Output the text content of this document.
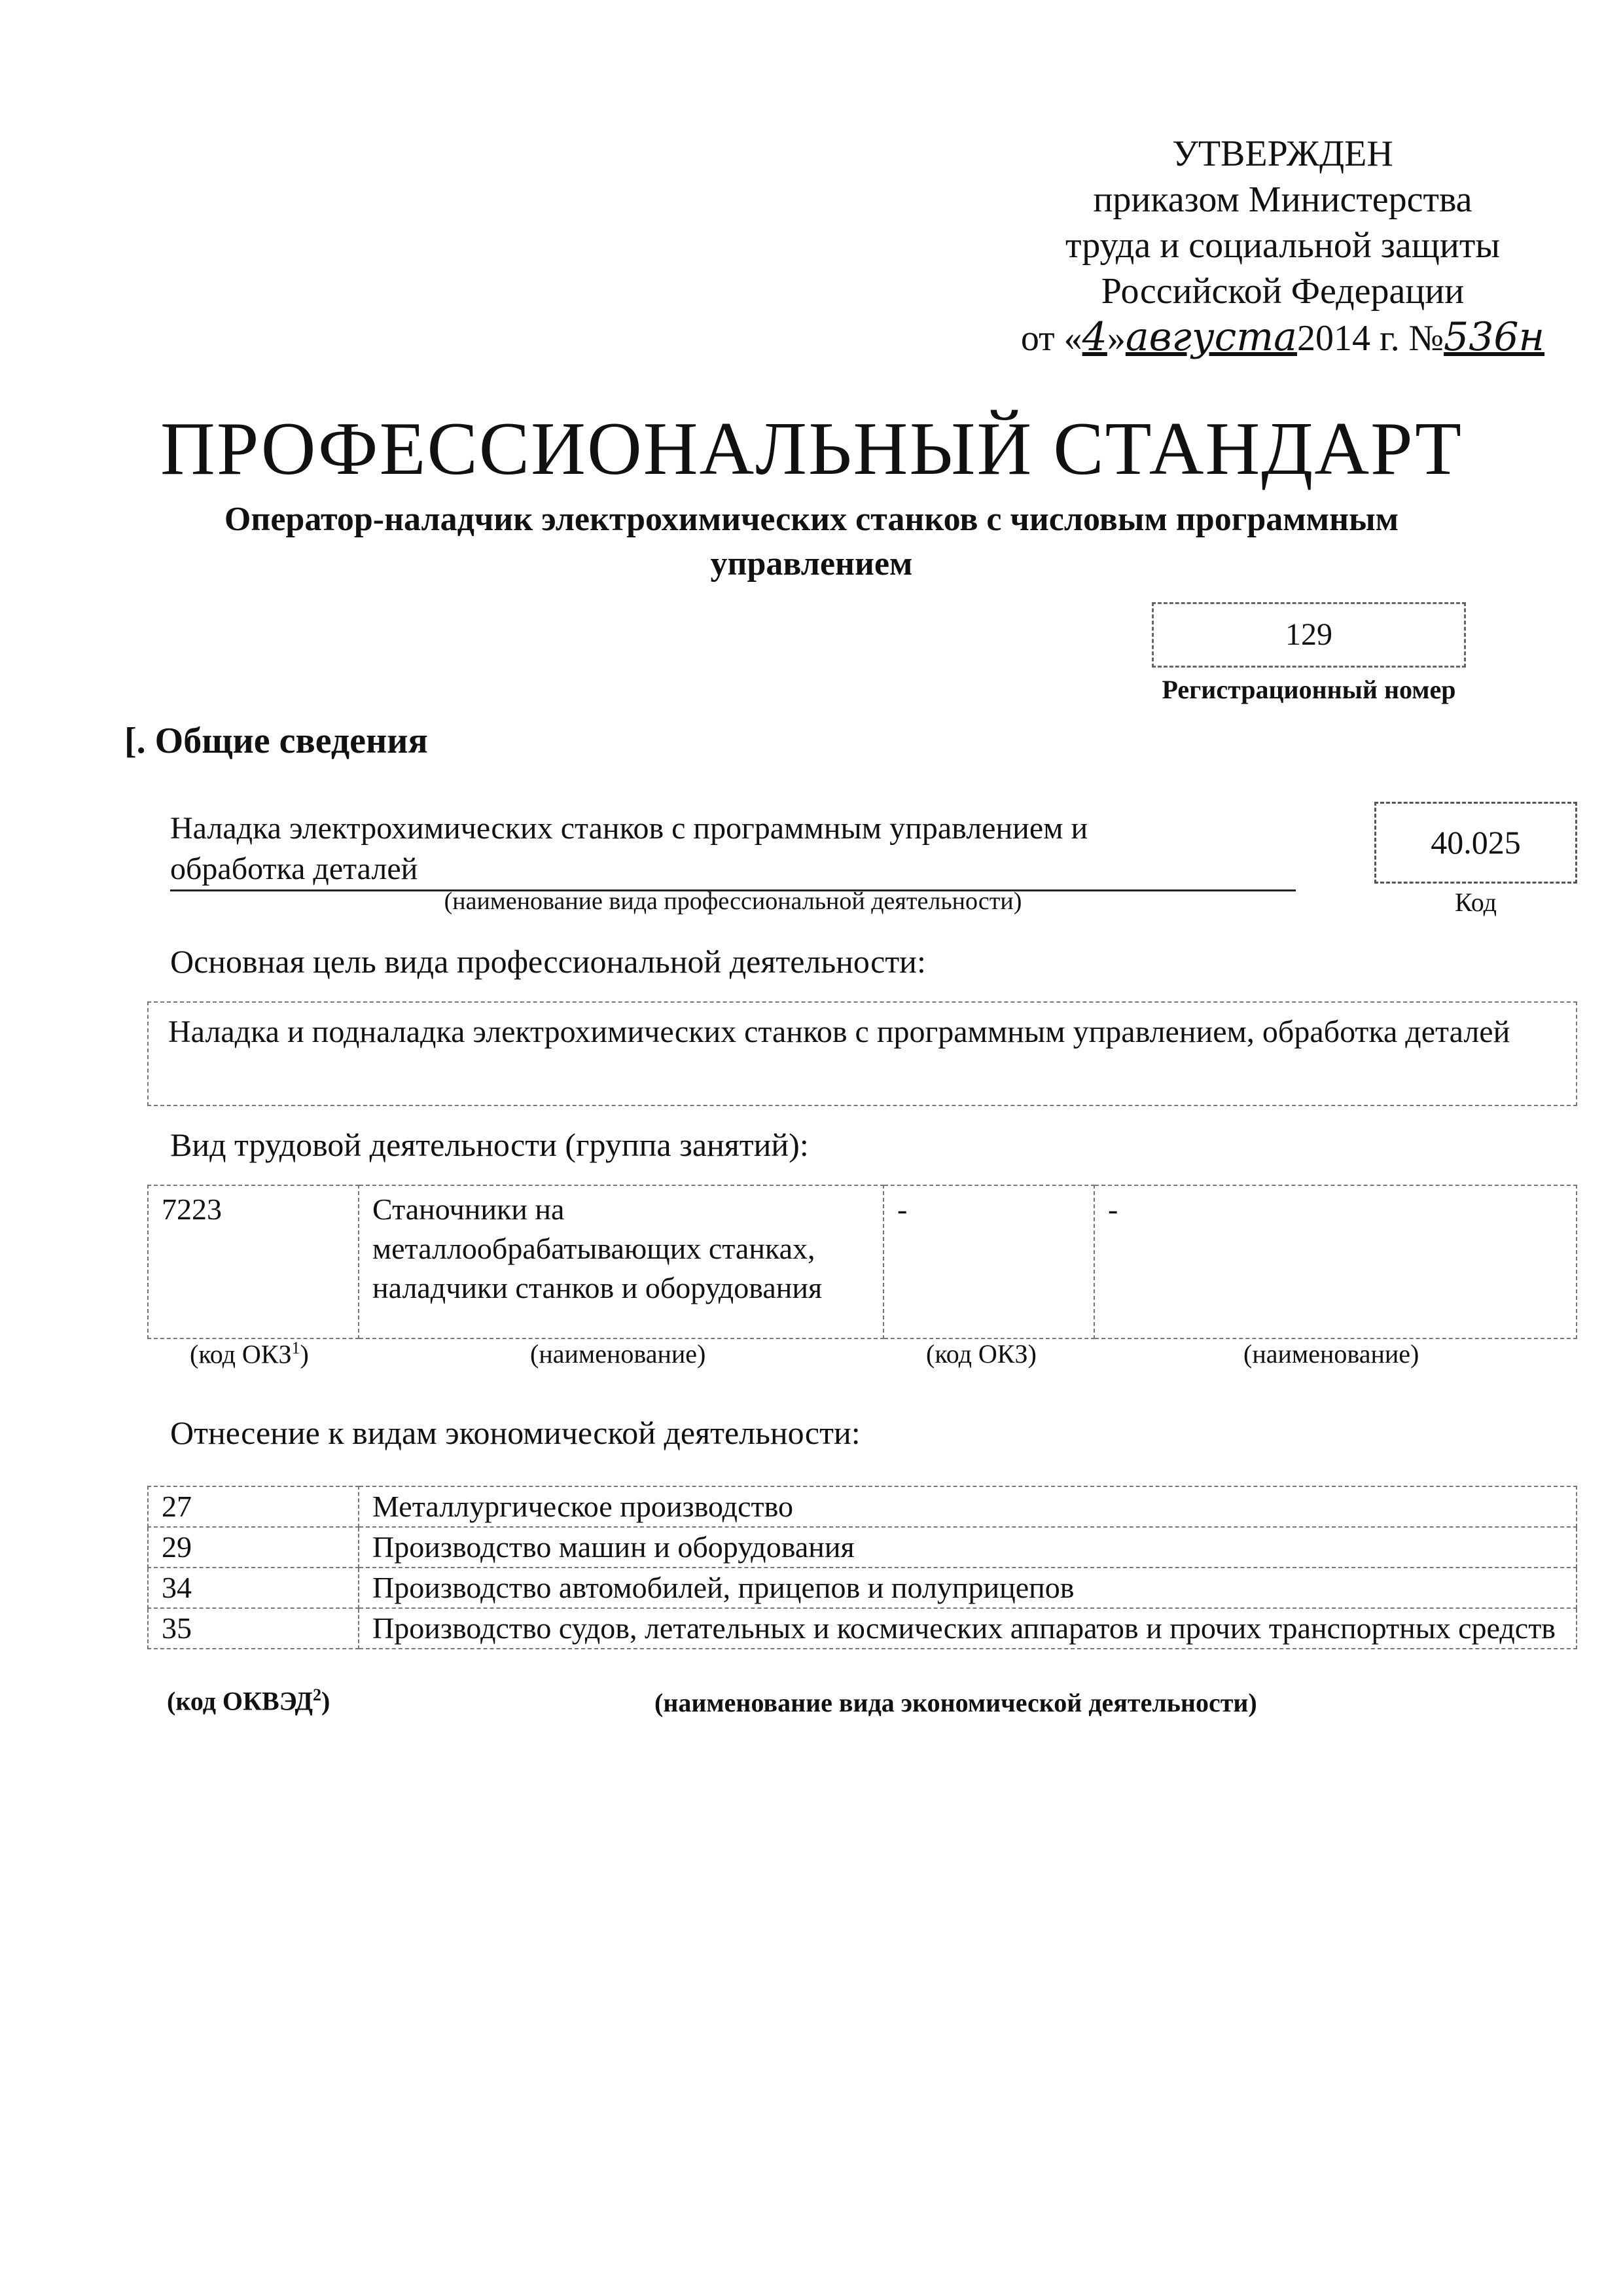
УТВЕРЖДЕН
приказом Министерства
труда и социальной защиты
Российской Федерации
от «4»августа2014 г. №536н
ПРОФЕССИОНАЛЬНЫЙ СТАНДАРТ
Оператор-наладчик электрохимических станков с числовым программным
управлением
129
Регистрационный номер
[. Общие сведения
Наладка электрохимических станков с программным управлением и
обработка деталей
(наименование вида профессиональной деятельности)
40.025
Код
Основная цель вида профессиональной деятельности:
Наладка и подналадка электрохимических станков с программным управлением, обработка деталей
Вид трудовой деятельности (группа занятий):
7223	Станочники на металлообрабатывающих станках, наладчики станков и оборудования	-	-
(код ОКЗ$^1$)	(наименование)	(код ОКЗ)	(наименование)
Отнесение к видам экономической деятельности:
27	Металлургическое производство
29	Производство машин и оборудования
34	Производство автомобилей, прицепов и полуприцепов
35	Производство судов, летательных и космических аппаратов и прочих транспортных средств
(код ОКВЭД$^2$)	(наименование вида экономической деятельности)
